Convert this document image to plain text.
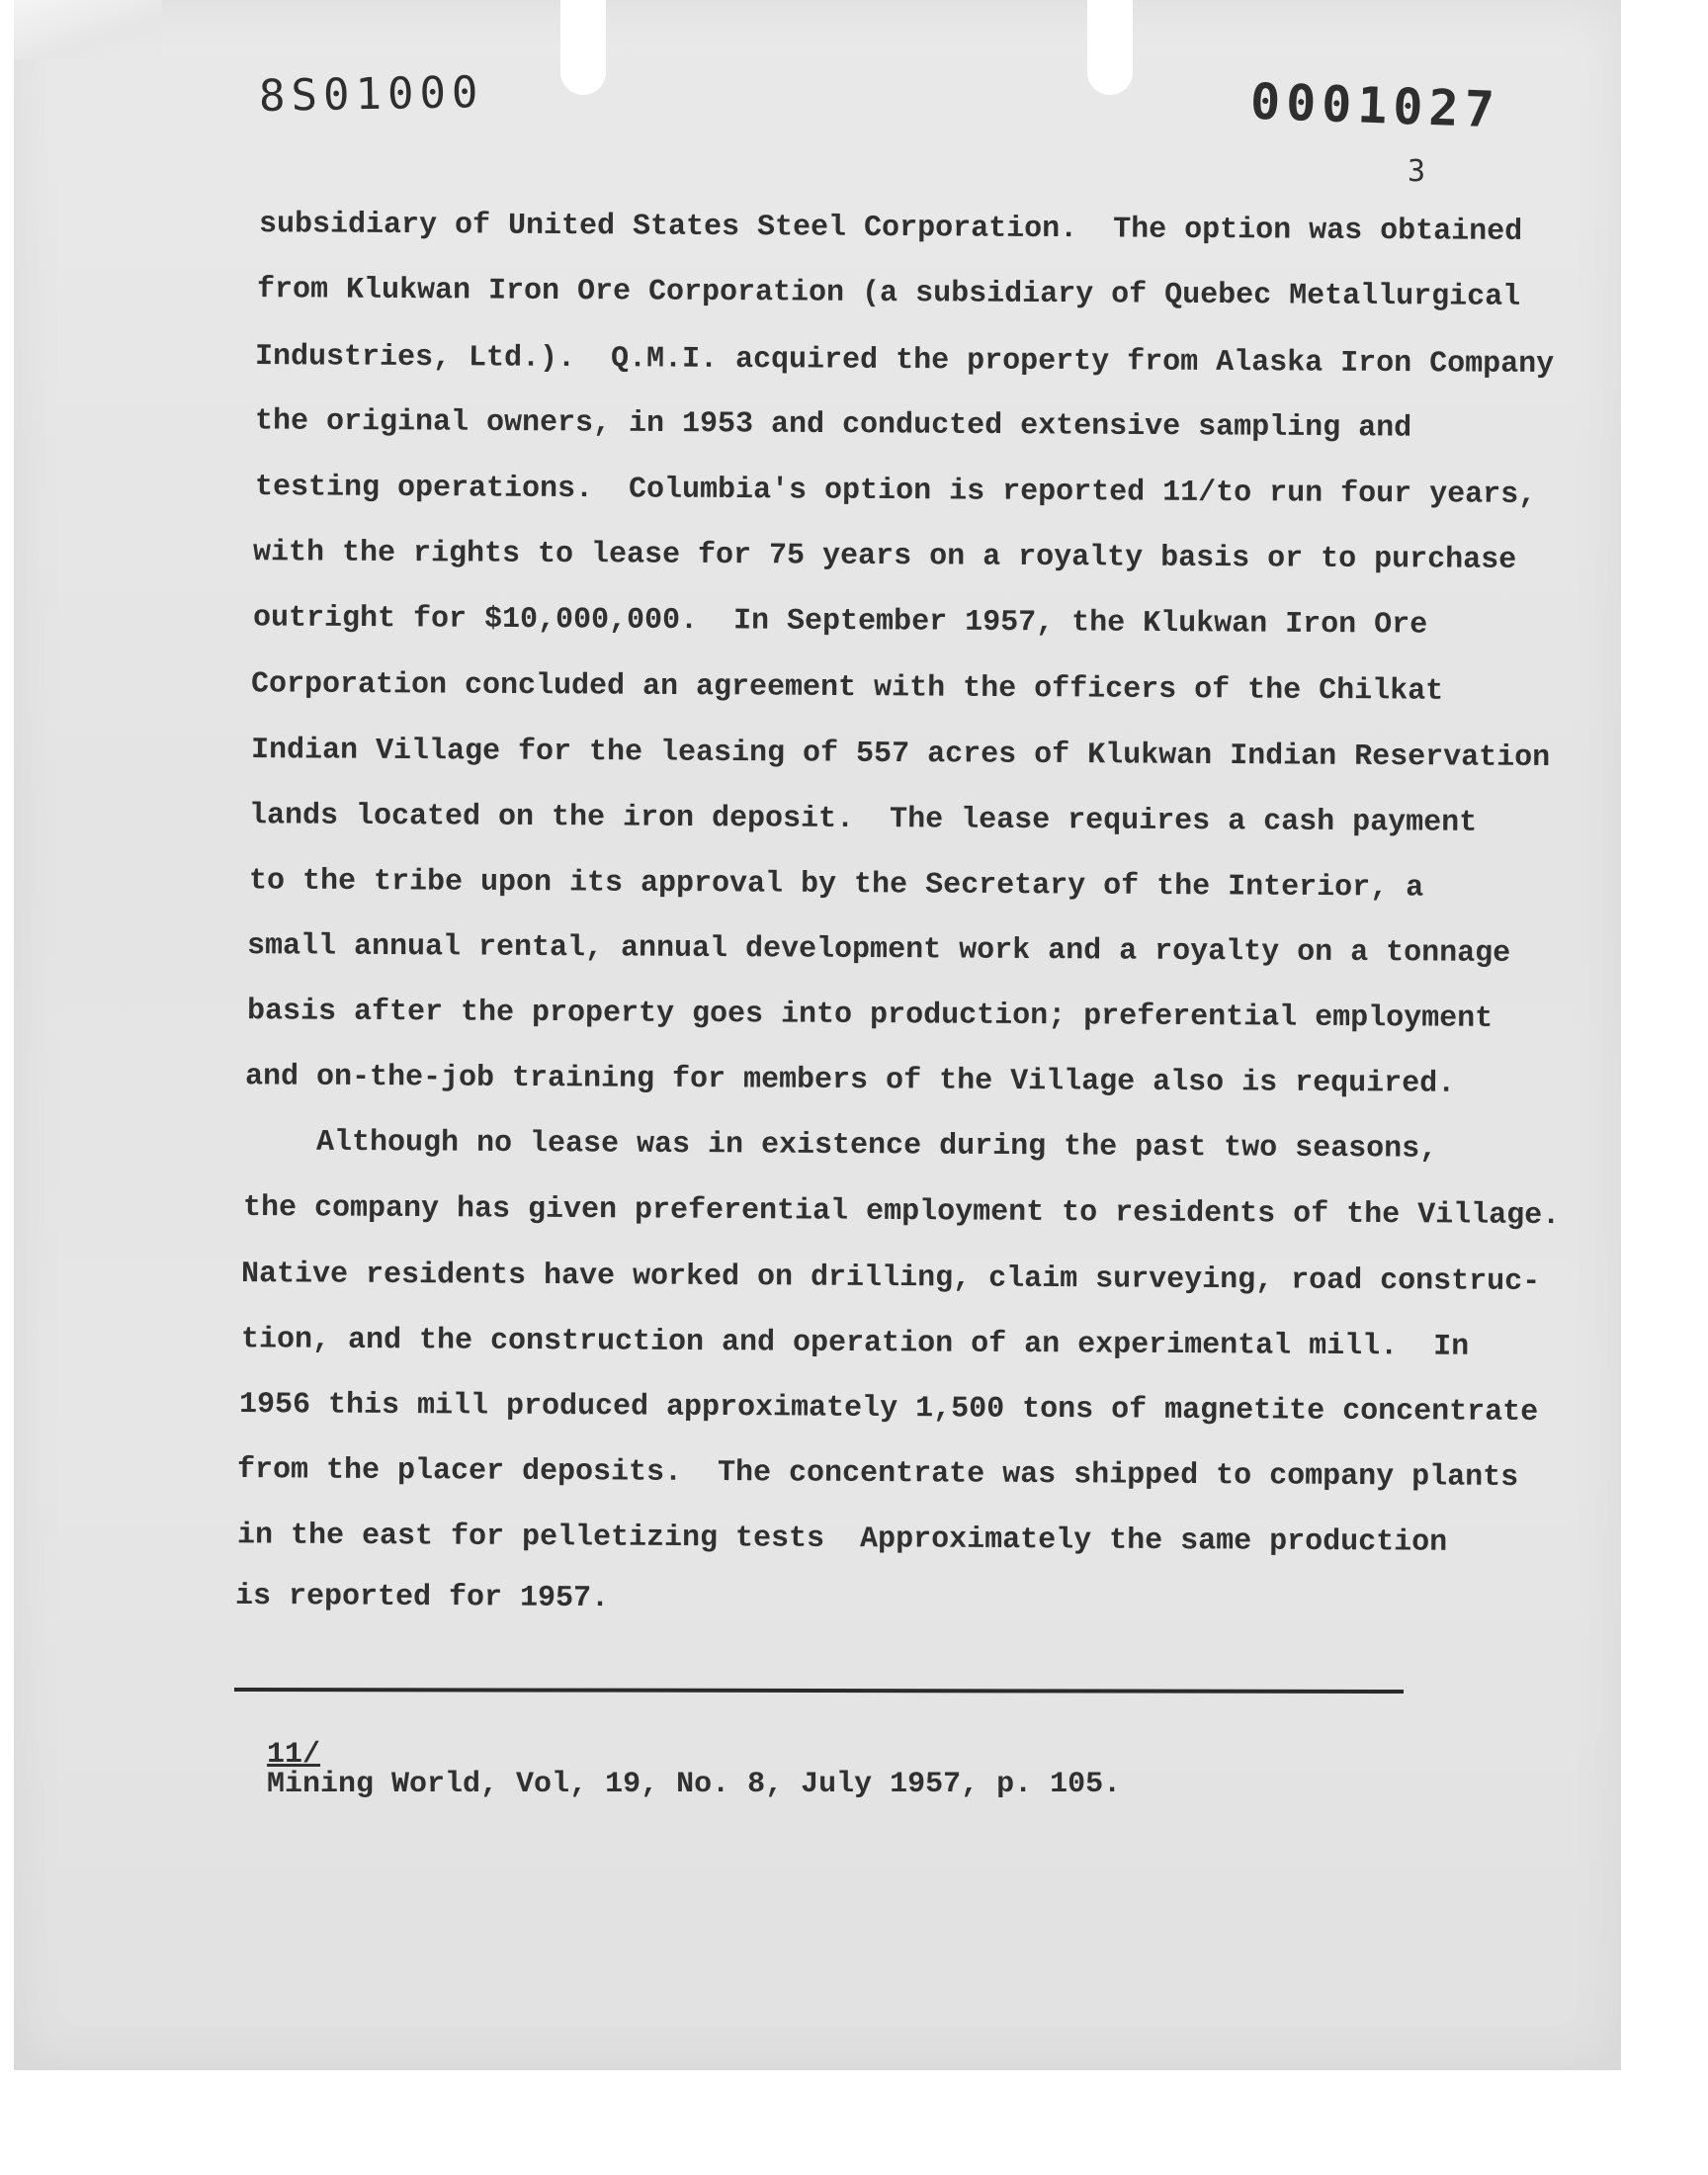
8S01000	0001027
3
subsidiary of United States Steel Corporation.  The option was obtained
from Klukwan Iron Ore Corporation (a subsidiary of Quebec Metallurgical
Industries, Ltd.).  Q.M.I. acquired the property from Alaska Iron Company
the original owners, in 1953 and conducted extensive sampling and
testing operations.  Columbia's option is reported 11/to run four years,
with the rights to lease for 75 years on a royalty basis or to purchase
outright for $10,000,000.  In September 1957, the Klukwan Iron Ore
Corporation concluded an agreement with the officers of the Chilkat
Indian Village for the leasing of 557 acres of Klukwan Indian Reservation
lands located on the iron deposit.  The lease requires a cash payment
to the tribe upon its approval by the Secretary of the Interior, a
small annual rental, annual development work and a royalty on a tonnage
basis after the property goes into production; preferential employment
and on-the-job training for members of the Village also is required.
Although no lease was in existence during the past two seasons,
the company has given preferential employment to residents of the Village.
Native residents have worked on drilling, claim surveying, road construc-
tion, and the construction and operation of an experimental mill.  In
1956 this mill produced approximately 1,500 tons of magnetite concentrate
from the placer deposits.  The concentrate was shipped to company plants
in the east for pelletizing tests  Approximately the same production
is reported for 1957.

11/
Mining World, Vol, 19, No. 8, July 1957, p. 105.
